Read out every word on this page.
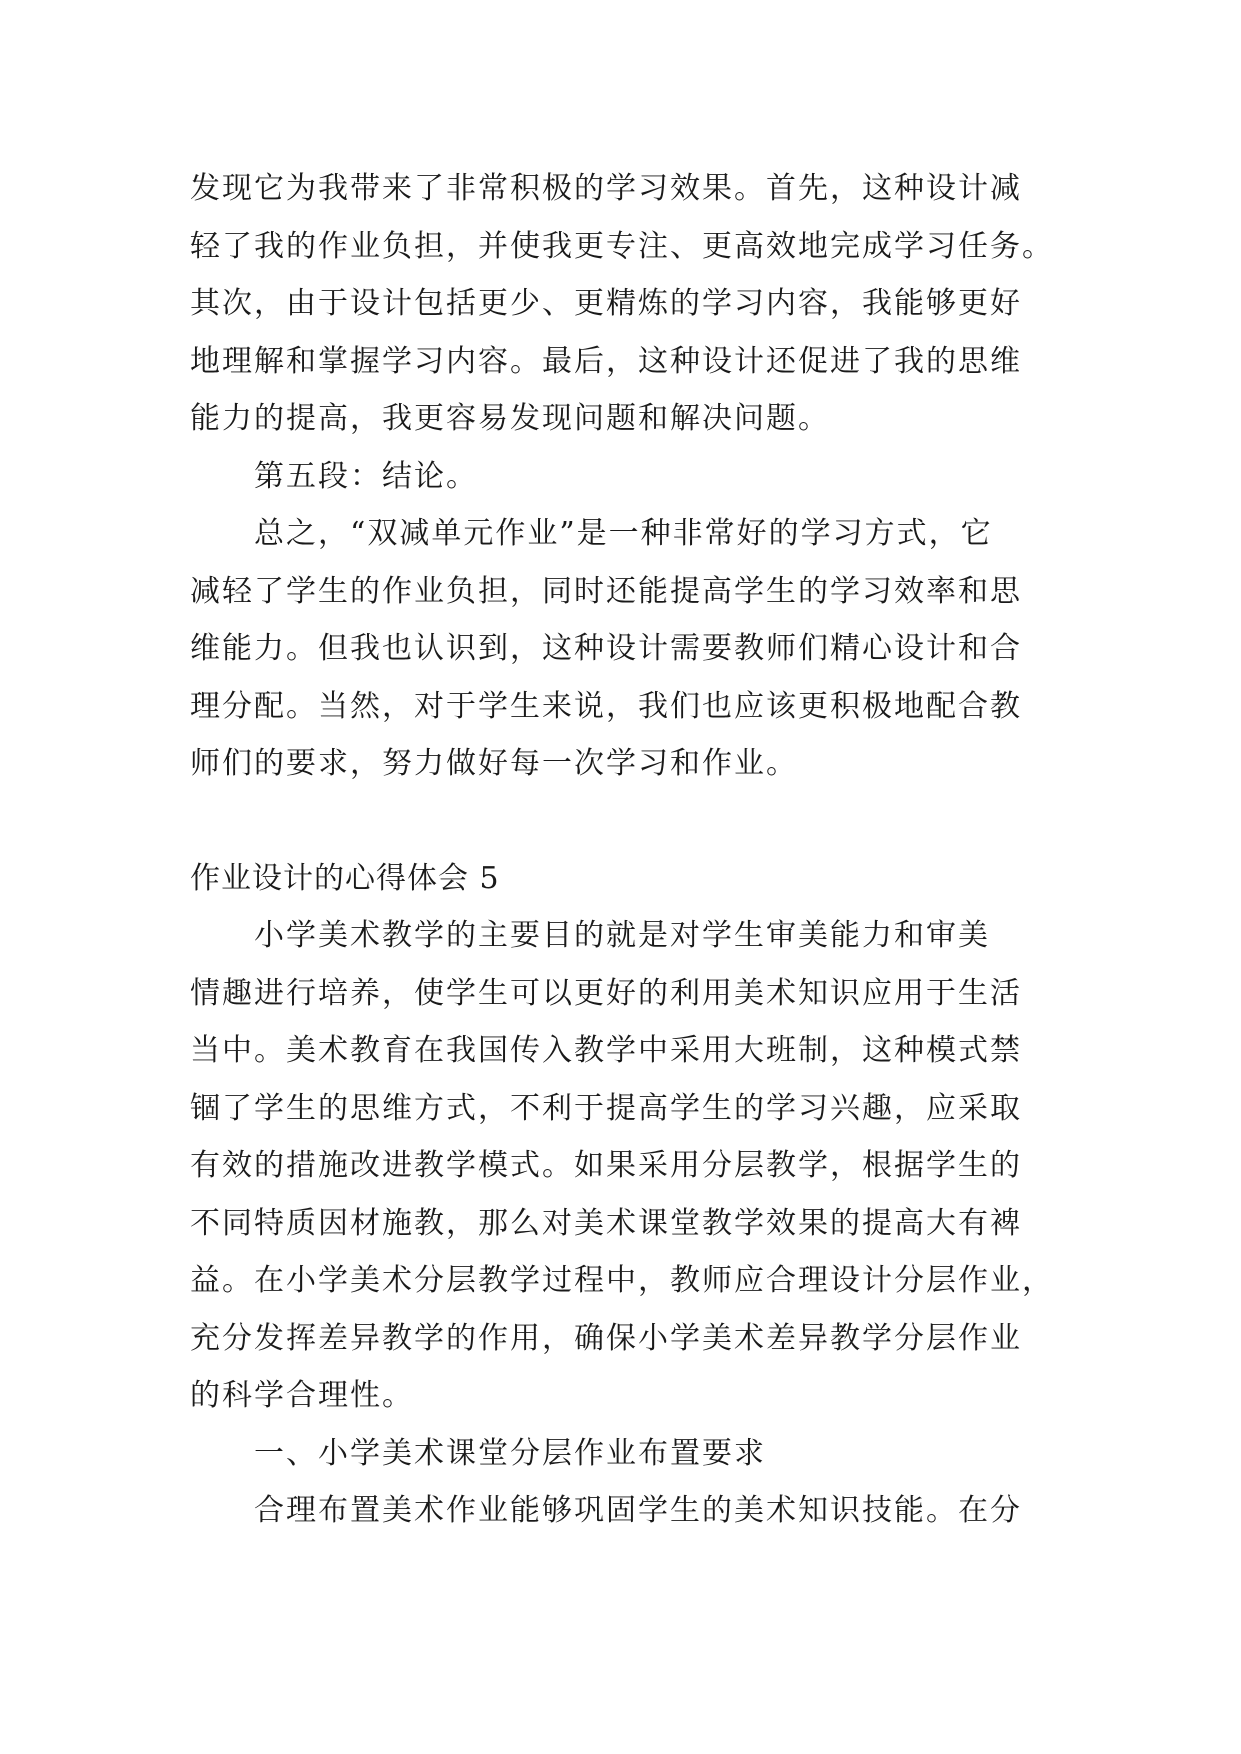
发现它为我带来了非常积极的学习效果。首先，这种设计减
轻了我的作业负担，并使我更专注、更高效地完成学习任务。
其次，由于设计包括更少、更精炼的学习内容，我能够更好
地理解和掌握学习内容。最后，这种设计还促进了我的思维
能力的提高，我更容易发现问题和解决问题。
第五段：结论。
总之，“双减单元作业”是一种非常好的学习方式，它
减轻了学生的作业负担，同时还能提高学生的学习效率和思
维能力。但我也认识到，这种设计需要教师们精心设计和合
理分配。当然，对于学生来说，我们也应该更积极地配合教
师们的要求，努力做好每一次学习和作业。
作业设计的心得体会 5
小学美术教学的主要目的就是对学生审美能力和审美
情趣进行培养，使学生可以更好的利用美术知识应用于生活
当中。美术教育在我国传入教学中采用大班制，这种模式禁
锢了学生的思维方式，不利于提高学生的学习兴趣，应采取
有效的措施改进教学模式。如果采用分层教学，根据学生的
不同特质因材施教，那么对美术课堂教学效果的提高大有裨
益。在小学美术分层教学过程中，教师应合理设计分层作业，
充分发挥差异教学的作用，确保小学美术差异教学分层作业
的科学合理性。
一、小学美术课堂分层作业布置要求
合理布置美术作业能够巩固学生的美术知识技能。在分
